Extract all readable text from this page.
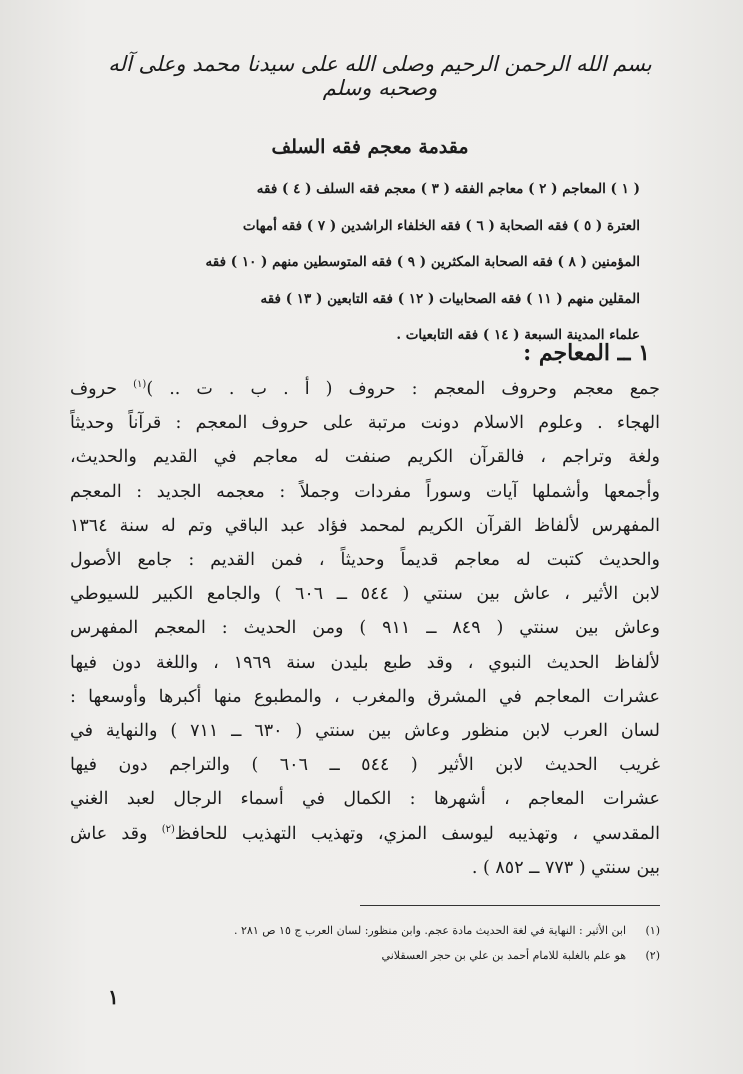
بسم الله الرحمن الرحيم وصلى الله على سيدنا محمد وعلى آله وصحبه وسلم
مقدمة معجم فقه السلف
( ١ ) المعاجم ( ٢ ) معاجم الفقه ( ٣ ) معجم فقه السلف ( ٤ ) فقه
العترة ( ٥ ) فقه الصحابة ( ٦ ) فقه الخلفاء الراشدين ( ٧ ) فقه أمهات
المؤمنين ( ٨ ) فقه الصحابة المكثرين ( ٩ ) فقه المتوسطين منهم ( ١٠ ) فقه
المقلين منهم ( ١١ ) فقه الصحابيات ( ١٢ ) فقه التابعين ( ١٣ ) فقه
علماء المدينة السبعة ( ١٤ ) فقه التابعيات .
١ ــ المعاجم :
جمع معجم وحروف المعجم : حروف ( أ . ب . ت .. )$^{(١)}$ حروف
الهجاء . وعلوم الاسلام دونت مرتبة على حروف المعجم : قرآناً وحديثاً
ولغة وتراجم ، فالقرآن الكريم صنفت له معاجم في القديم والحديث،
وأجمعها وأشملها آيات وسوراً مفردات وجملاً : معجمه الجديد : المعجم
المفهرس لألفاظ القرآن الكريم لمحمد فؤاد عبد الباقي وتم له سنة ١٣٦٤
والحديث كتبت له معاجم قديماً وحديثاً ، فمن القديم : جامع الأصول
لابن الأثير ، عاش بين سنتي ( ٥٤٤ ــ ٦٠٦ ) والجامع الكبير للسيوطي
وعاش بين سنتي ( ٨٤٩ ــ ٩١١ ) ومن الحديث : المعجم المفهرس
لألفاظ الحديث النبوي ، وقد طبع بليدن سنة ١٩٦٩ ، واللغة دون فيها
عشرات المعاجم في المشرق والمغرب ، والمطبوع منها أكبرها وأوسعها :
لسان العرب لابن منظور وعاش بين سنتي ( ٦٣٠ ــ ٧١١ ) والنهاية في
غريب الحديث لابن الأثير ( ٥٤٤ ــ ٦٠٦ ) والتراجم دون فيها
عشرات المعاجم ، أشهرها : الكمال في أسماء الرجال لعبد الغني
المقدسي ، وتهذيبه ليوسف المزي، وتهذيب التهذيب للحافظ$^{(٢)}$ وقد عاش
بين سنتي ( ٧٧٣ ــ ٨٥٢ ) .
(١)ابن الأثير : النهاية في لغة الحديث مادة عجم. وابن منظور: لسان العرب ج ١٥ ص ٢٨١ .
(٢)هو علم بالغلبة للامام أحمد بن علي بن حجر العسقلاني
١
